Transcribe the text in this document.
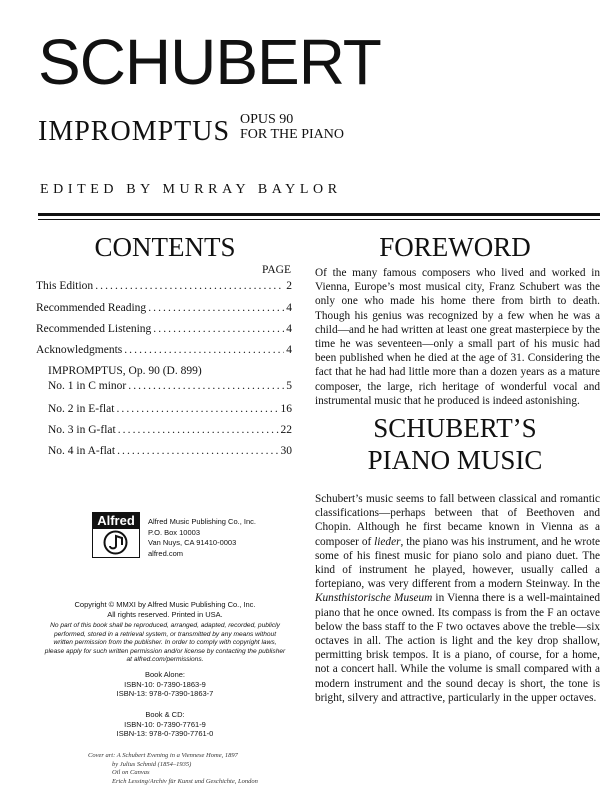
SCHUBERT
IMPROMPTUS OPUS 90
FOR THE PIANO
EDITED BY MURRAY BAYLOR
CONTENTS
PAGE
This Edition . . .	2
Recommended Reading . . .	4
Recommended Listening . . .	4
Acknowledgments . . .	4
IMPROMPTUS, Op. 90 (D. 899)
No. 1 in C minor . . .	5
No. 2 in E-flat . . .	16
No. 3 in G-flat . . .	22
No. 4 in A-flat . . .	30
Alfred	Alfred Music Publishing Co., Inc.
P.O. Box 10003
Van Nuys, CA 91410-0003
alfred.com
Copyright © MMXI by Alfred Music Publishing Co., Inc.
All rights reserved. Printed in USA.
No part of this book shall be reproduced, arranged, adapted, recorded, publicly performed, stored in a retrieval system, or transmitted by any means without written permission from the publisher. In order to comply with copyright laws, please apply for such written permission and/or license by contacting the publisher at alfred.com/permissions.
Book Alone:
ISBN-10: 0-7390-1863-9
ISBN-13: 978-0-7390-1863-7
Book & CD:
ISBN-10: 0-7390-7761-9
ISBN-13: 978-0-7390-7761-0
Cover art: A Schubert Evening in a Viennese Home, 1897
by Julius Schmid (1854–1935)
Oil on Canvas
Erich Lessing/Archiv für Kunst und Geschichte, London
FOREWORD
Of the many famous composers who lived and worked in Vienna, Europe’s most musical city, Franz Schubert was the only one who made his home there from birth to death. Though his genius was recognized by a few when he was a child—and he had written at least one great masterpiece by the time he was seventeen—only a small part of his music had been published when he died at the age of 31. Considering the fact that he had had little more than a dozen years as a mature composer, the large, rich heritage of wonderful vocal and instrumental music that he produced is indeed astonishing.
SCHUBERT’S
PIANO MUSIC
Schubert’s music seems to fall between classical and romantic classifications—perhaps between that of Beethoven and Chopin. Although he first became known in Vienna as a composer of lieder, the piano was his instrument, and he wrote some of his finest music for piano solo and piano duet. The kind of instrument he played, however, usually called a fortepiano, was very different from a modern Steinway. In the Kunsthistorische Museum in Vienna there is a well-maintained piano that he once owned. Its compass is from the F an octave below the bass staff to the F two octaves above the treble—six octaves in all. The action is light and the key drop shallow, permitting brisk tempos. It is a piano, of course, for a home, not a concert hall. While the volume is small compared with a modern instrument and the sound decay is short, the tone is bright, silvery and attractive, particularly in the upper octaves.
